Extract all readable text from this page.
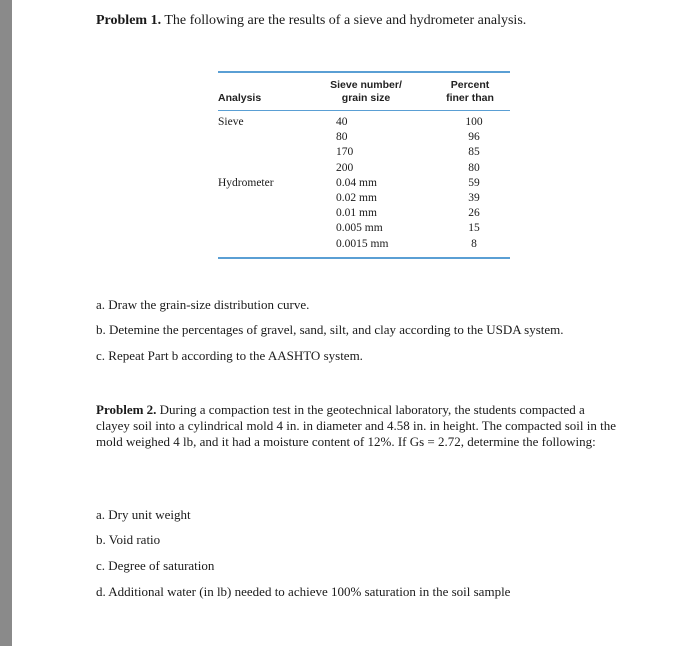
Problem 1. The following are the results of a sieve and hydrometer analysis.
Analysis
Sieve number/
grain size
Percent
finer than
Sieve
Hydrometer
40
80
170
200
0.04 mm
0.02 mm
0.01 mm
0.005 mm
0.0015 mm
100
96
85
80
59
39
26
15
8
a. Draw the grain-size distribution curve.
b. Detemine the percentages of gravel, sand, silt, and clay according to the USDA system.
c. Repeat Part b according to the AASHTO system.
Problem 2. During a compaction test in the geotechnical laboratory, the students compacted a clayey soil into a cylindrical mold 4 in. in diameter and 4.58 in. in height. The compacted soil in the mold weighed 4 lb, and it had a moisture content of 12%. If Gs = 2.72, determine the following:
a. Dry unit weight
b. Void ratio
c. Degree of saturation
d. Additional water (in lb) needed to achieve 100% saturation in the soil sample
